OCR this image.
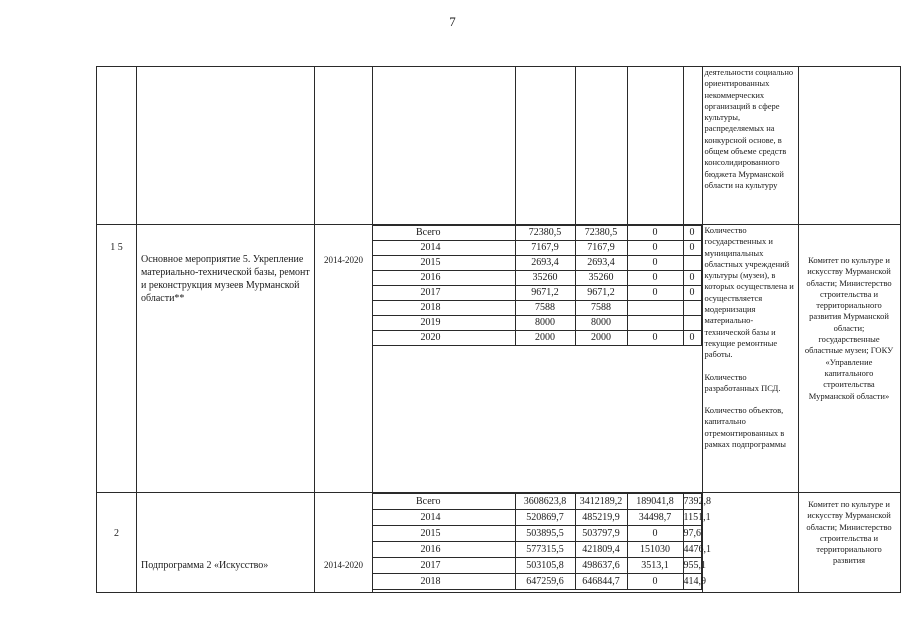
7

деятельности социально ориентированных некоммерческих организаций в сфере культуры, распределяемых на конкурсной основе, в общем объеме средств консолидированного бюджета Мурманской области на культуру

1 5	Основное мероприятие 5. Укрепление материально-технической базы, ремонт и реконструкция музеев Мурманской области**	2014-2020	
Всего	72380,5	72380,5	0	0	
2014	7167,9	7167,9	0	0	
2015	2693,4	2693,4	0		
2016	35260	35260	0	0	
2017	9671,2	9671,2	0	0	
2018	7588	7588			
2019	8000	8000			
2020	2000	2000	0	0	

Количество государственных и муниципальных областных учреждений культуры (музеи), в которых осуществлена и осуществляется модернизация материально-технической базы и текущие ремонтные работы.
Количество разработанных ПСД.
Количество объектов, капитально отремонтированных в рамках подпрограммы

Комитет по культуре и искусству Мурманской области; Министерство строительства и территориального развития Мурманской области; государственные областные музеи; ГОКУ «Управление капитального строительства Мурманской области»

2	Подпрограмма 2 «Искусство»	2014-2020	
Всего	3608623,8	3412189,2	189041,8	7392,8	
2014	520869,7	485219,9	34498,7	1151,1	
2015	503895,5	503797,9	0	97,6	
2016	577315,5	421809,4	151030	4476,1	
2017	503105,8	498637,6	3513,1	955,1	
2018	647259,6	646844,7	0	414,9	

Комитет по культуре и искусству Мурманской области; Министерство строительства и территориального развития
